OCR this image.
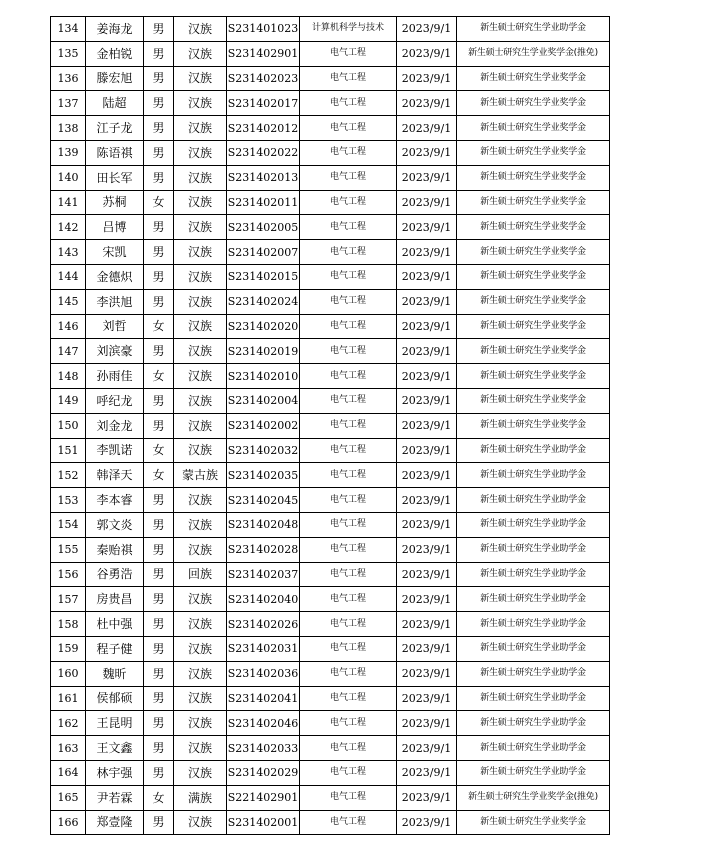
134	姜海龙	男	汉族	S231401023	计算机科学与技术	2023/9/1	新生硕士研究生学业助学金
135	金柏锐	男	汉族	S231402901	电气工程	2023/9/1	新生硕士研究生学业奖学金(推免)
136	滕宏旭	男	汉族	S231402023	电气工程	2023/9/1	新生硕士研究生学业奖学金
137	陆超	男	汉族	S231402017	电气工程	2023/9/1	新生硕士研究生学业奖学金
138	江子龙	男	汉族	S231402012	电气工程	2023/9/1	新生硕士研究生学业奖学金
139	陈语祺	男	汉族	S231402022	电气工程	2023/9/1	新生硕士研究生学业奖学金
140	田长军	男	汉族	S231402013	电气工程	2023/9/1	新生硕士研究生学业奖学金
141	苏桐	女	汉族	S231402011	电气工程	2023/9/1	新生硕士研究生学业奖学金
142	吕博	男	汉族	S231402005	电气工程	2023/9/1	新生硕士研究生学业奖学金
143	宋凯	男	汉族	S231402007	电气工程	2023/9/1	新生硕士研究生学业奖学金
144	金德炽	男	汉族	S231402015	电气工程	2023/9/1	新生硕士研究生学业奖学金
145	李洪旭	男	汉族	S231402024	电气工程	2023/9/1	新生硕士研究生学业奖学金
146	刘哲	女	汉族	S231402020	电气工程	2023/9/1	新生硕士研究生学业奖学金
147	刘滨豪	男	汉族	S231402019	电气工程	2023/9/1	新生硕士研究生学业奖学金
148	孙雨佳	女	汉族	S231402010	电气工程	2023/9/1	新生硕士研究生学业奖学金
149	呼纪龙	男	汉族	S231402004	电气工程	2023/9/1	新生硕士研究生学业奖学金
150	刘金龙	男	汉族	S231402002	电气工程	2023/9/1	新生硕士研究生学业奖学金
151	李凯诺	女	汉族	S231402032	电气工程	2023/9/1	新生硕士研究生学业助学金
152	韩泽天	女	蒙古族	S231402035	电气工程	2023/9/1	新生硕士研究生学业助学金
153	李本睿	男	汉族	S231402045	电气工程	2023/9/1	新生硕士研究生学业助学金
154	郭文炎	男	汉族	S231402048	电气工程	2023/9/1	新生硕士研究生学业助学金
155	秦贻祺	男	汉族	S231402028	电气工程	2023/9/1	新生硕士研究生学业助学金
156	谷勇浩	男	回族	S231402037	电气工程	2023/9/1	新生硕士研究生学业助学金
157	房贵昌	男	汉族	S231402040	电气工程	2023/9/1	新生硕士研究生学业助学金
158	杜中强	男	汉族	S231402026	电气工程	2023/9/1	新生硕士研究生学业助学金
159	程子健	男	汉族	S231402031	电气工程	2023/9/1	新生硕士研究生学业助学金
160	魏昕	男	汉族	S231402036	电气工程	2023/9/1	新生硕士研究生学业助学金
161	侯郁硕	男	汉族	S231402041	电气工程	2023/9/1	新生硕士研究生学业助学金
162	王昆明	男	汉族	S231402046	电气工程	2023/9/1	新生硕士研究生学业助学金
163	王文鑫	男	汉族	S231402033	电气工程	2023/9/1	新生硕士研究生学业助学金
164	林宇强	男	汉族	S231402029	电气工程	2023/9/1	新生硕士研究生学业助学金
165	尹若霖	女	满族	S221402901	电气工程	2023/9/1	新生硕士研究生学业奖学金(推免)
166	郑壹隆	男	汉族	S231402001	电气工程	2023/9/1	新生硕士研究生学业奖学金
